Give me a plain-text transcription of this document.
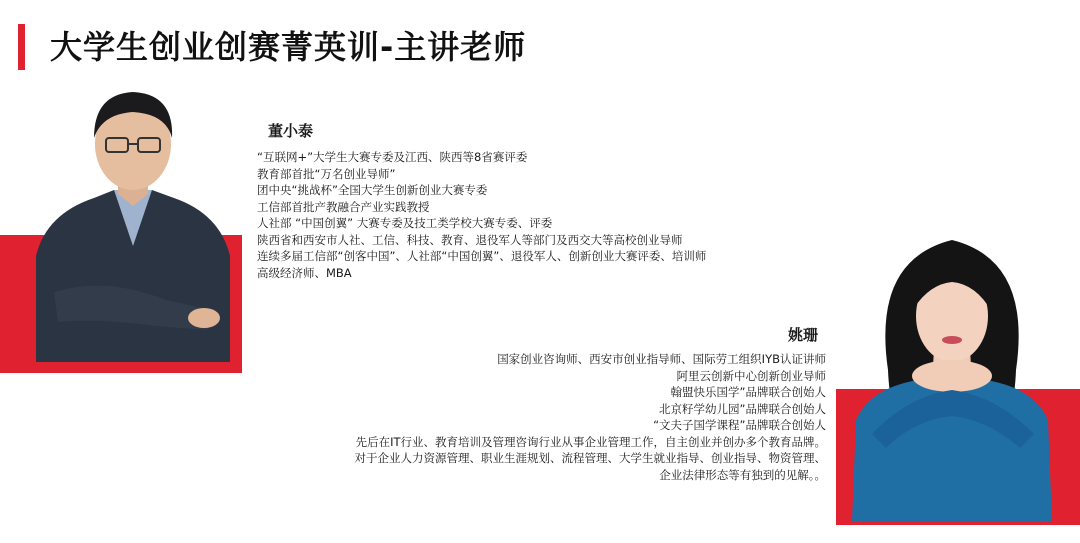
大学生创业创赛菁英训-主讲老师
董小泰
“互联网+”大学生大赛专委及江西、陕西等8省赛评委
教育部首批“万名创业导师”
团中央“挑战杯”全国大学生创新创业大赛专委
工信部首批产教融合产业实践教授
人社部 “中国创翼” 大赛专委及技工类学校大赛专委、评委
陕西省和西安市人社、工信、科技、教育、退役军人等部门及西交大等高校创业导师
连续多届工信部“创客中国”、人社部“中国创翼”、退役军人、创新创业大赛评委、培训师
高级经济师、MBA
姚珊
国家创业咨询师、西安市创业指导师、国际劳工组织IYB认证讲师
阿里云创新中心创新创业导师
翰盟快乐国学”品牌联合创始人
北京籽学幼儿园”品牌联合创始人
“文夫子国学课程”品牌联合创始人
先后在IT行业、教育培训及管理咨询行业从事企业管理工作，自主创业并创办多个教育品牌。
对于企业人力资源管理、职业生涯规划、流程管理、大学生就业指导、创业指导、物资管理、
企业法律形态等有独到的见解。。
